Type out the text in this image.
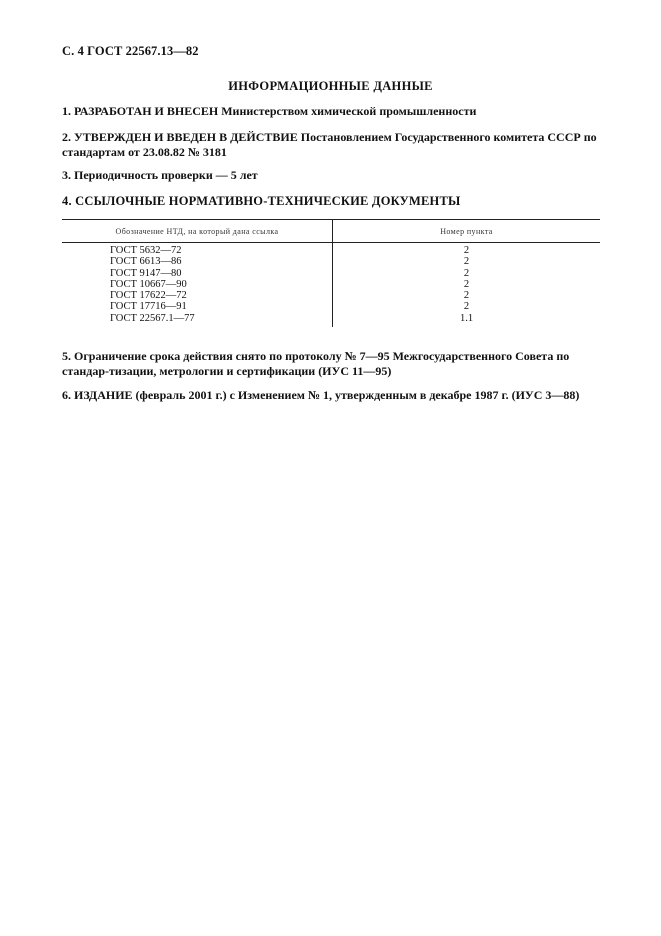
С. 4 ГОСТ 22567.13—82
ИНФОРМАЦИОННЫЕ ДАННЫЕ
1. РАЗРАБОТАН И ВНЕСЕН Министерством химической промышленности
2. УТВЕРЖДЕН И ВВЕДЕН В ДЕЙСТВИЕ Постановлением Государственного комитета СССР по стандартам от 23.08.82 № 3181
3. Периодичность проверки — 5 лет
4. ССЫЛОЧНЫЕ НОРМАТИВНО-ТЕХНИЧЕСКИЕ ДОКУМЕНТЫ
Обозначение НТД, на который дана ссылка	Номер пункта
ГОСТ 5632—72	2
ГОСТ 6613—86	2
ГОСТ 9147—80	2
ГОСТ 10667—90	2
ГОСТ 17622—72	2
ГОСТ 17716—91	2
ГОСТ 22567.1—77	1.1
5. Ограничение срока действия снято по протоколу № 7—95 Межгосударственного Совета по стандар-тизации, метрологии и сертификации (ИУС 11—95)
6. ИЗДАНИЕ (февраль 2001 г.) с Изменением № 1, утвержденным в декабре 1987 г. (ИУС 3—88)
